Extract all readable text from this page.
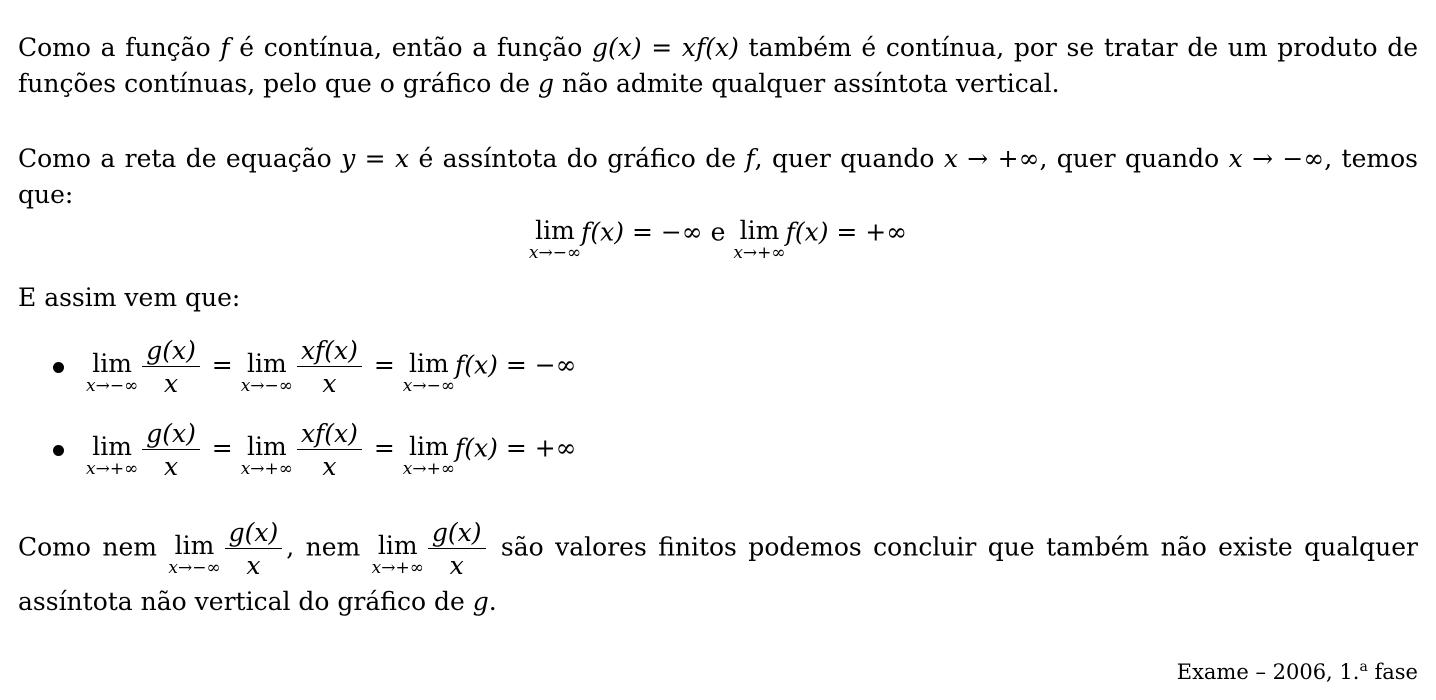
Como a função f é contínua, então a função g(x) = xf(x) também é contínua, por se tratar de um produto de funções contínuas, pelo que o gráfico de g não admite qualquer assíntota vertical.
Como a reta de equação y = x é assíntota do gráfico de f, quer quando x → +∞, quer quando x → −∞, temos que:
lim
x→−∞
f(x) = −∞ e lim
x→+∞
f(x) = +∞
E assim vem que:
lim
$x\to-\infty \frac{g(x)}{x} = \lim$
$x\to-\infty \frac{xf(x)}{x} = \lim$
x→−∞
f(x) = −∞
lim
$x\to+\infty \frac{g(x)}{x} = \lim$
$x\to+\infty \frac{xf(x)}{x} = \lim$
x→+∞
f(x) = +∞
Como nem lim
$x\to-\infty \frac{g(x)}{x}$ , nem lim
$x\to+\infty \frac{g(x)}{x}$ são valores finitos podemos concluir que também não existe qualquer assíntota não vertical do gráfico de g.
Exame – 2006, 1.$^a$ fase
